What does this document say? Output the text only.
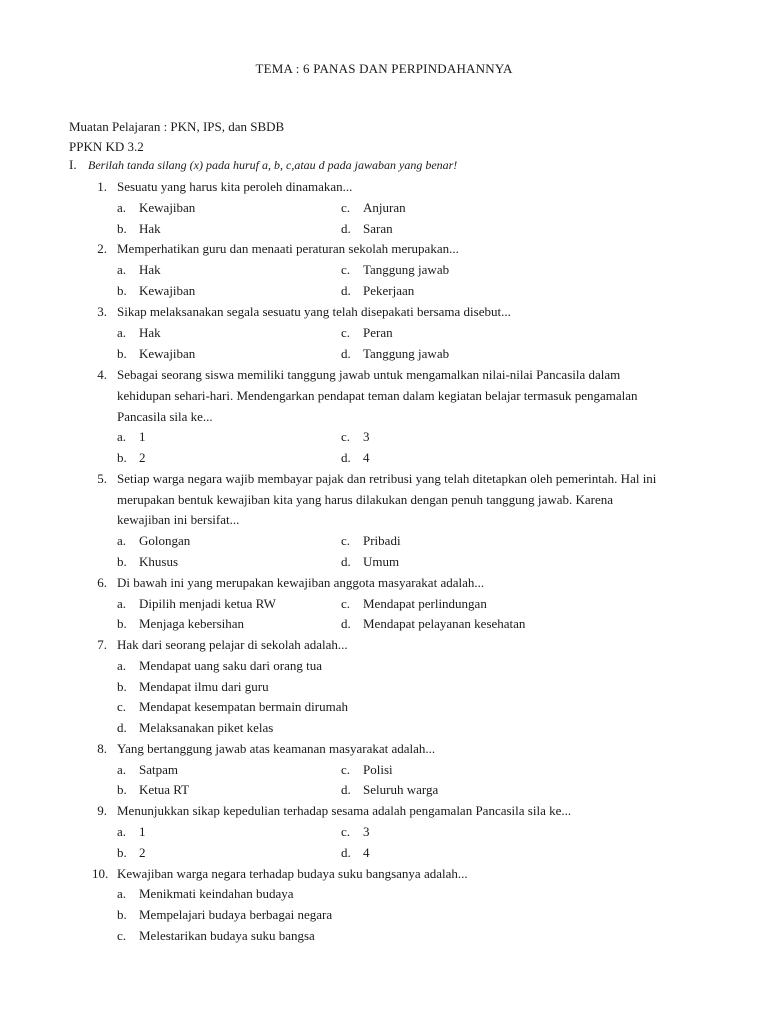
TEMA : 6 PANAS DAN PERPINDAHANNYA
Muatan Pelajaran : PKN, IPS, dan SBDB
PPKN KD 3.2
I. Berilah tanda silang (x) pada huruf a, b, c,atau d pada jawaban yang benar!
1. Sesuatu yang harus kita peroleh dinamakan...
a. Kewajiban
b. Hak
c. Anjuran
d. Saran
2. Memperhatikan guru dan menaati peraturan sekolah merupakan...
a. Hak
b. Kewajiban
c. Tanggung jawab
d. Pekerjaan
3. Sikap melaksanakan segala sesuatu yang telah disepakati bersama disebut...
a. Hak
b. Kewajiban
c. Peran
d. Tanggung jawab
4. Sebagai seorang siswa memiliki tanggung jawab untuk mengamalkan nilai-nilai Pancasila dalam
kehidupan sehari-hari. Mendengarkan pendapat teman dalam kegiatan belajar termasuk pengamalan
Pancasila sila ke...
a. 1
b. 2
c. 3
d. 4
5. Setiap warga negara wajib membayar pajak dan retribusi yang telah ditetapkan oleh pemerintah. Hal ini
merupakan bentuk kewajiban kita yang harus dilakukan dengan penuh tanggung jawab. Karena
kewajiban ini bersifat...
a. Golongan
b. Khusus
c. Pribadi
d. Umum
6. Di bawah ini yang merupakan kewajiban anggota masyarakat adalah...
a. Dipilih menjadi ketua RW
b. Menjaga kebersihan
c. Mendapat perlindungan
d. Mendapat pelayanan kesehatan
7. Hak dari seorang pelajar di sekolah adalah...
a. Mendapat uang saku dari orang tua
b. Mendapat ilmu dari guru
c. Mendapat kesempatan bermain dirumah
d. Melaksanakan piket kelas
8. Yang bertanggung jawab atas keamanan masyarakat adalah...
a. Satpam
b. Ketua RT
c. Polisi
d. Seluruh warga
9. Menunjukkan sikap kepedulian terhadap sesama adalah pengamalan Pancasila sila ke...
a. 1
b. 2
c. 3
d. 4
10. Kewajiban warga negara terhadap budaya suku bangsanya adalah...
a. Menikmati keindahan budaya
b. Mempelajari budaya berbagai negara
c. Melestarikan budaya suku bangsa
